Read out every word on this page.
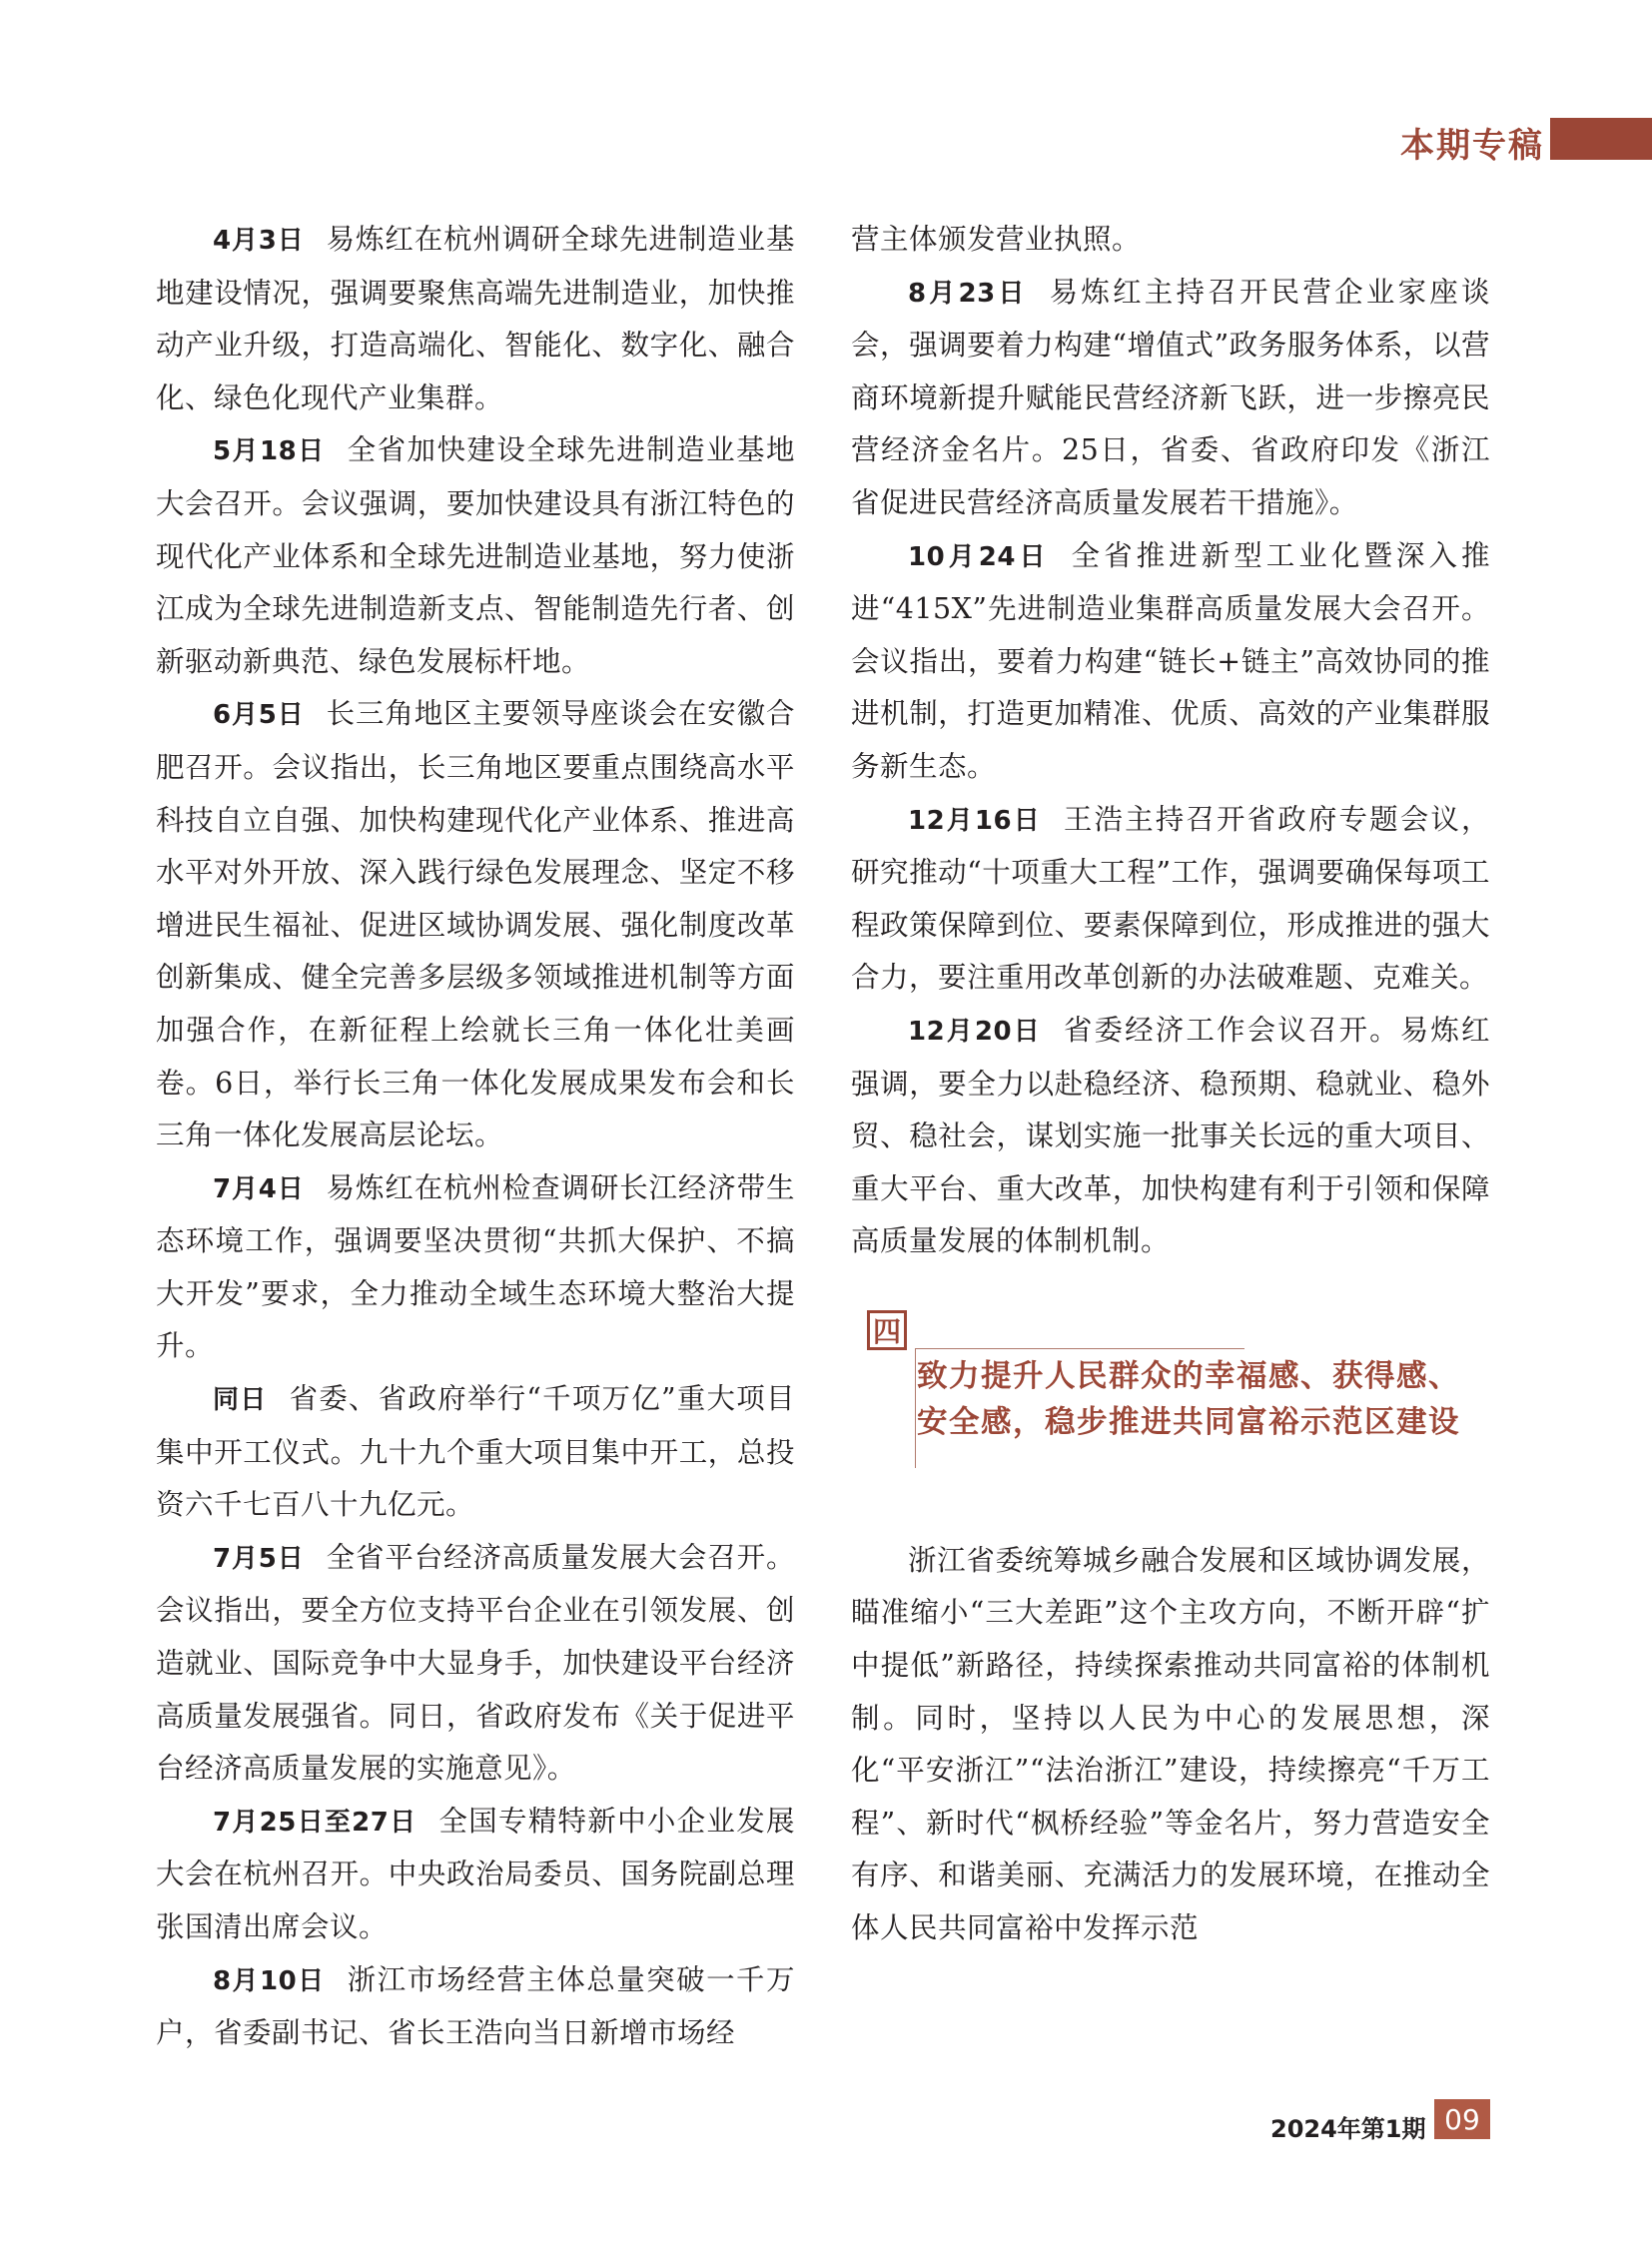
本期专稿

4月3日 易炼红在杭州调研全球先进制造业基地建设情况，强调要聚焦高端先进制造业，加快推动产业升级，打造高端化、智能化、数字化、融合化、绿色化现代产业集群。

5月18日 全省加快建设全球先进制造业基地大会召开。会议强调，要加快建设具有浙江特色的现代化产业体系和全球先进制造业基地，努力使浙江成为全球先进制造新支点、智能制造先行者、创新驱动新典范、绿色发展标杆地。

6月5日 长三角地区主要领导座谈会在安徽合肥召开。会议指出，长三角地区要重点围绕高水平科技自立自强、加快构建现代化产业体系、推进高水平对外开放、深入践行绿色发展理念、坚定不移增进民生福祉、促进区域协调发展、强化制度改革创新集成、健全完善多层级多领域推进机制等方面加强合作，在新征程上绘就长三角一体化壮美画卷。6日，举行长三角一体化发展成果发布会和长三角一体化发展高层论坛。

7月4日 易炼红在杭州检查调研长江经济带生态环境工作，强调要坚决贯彻“共抓大保护、不搞大开发”要求，全力推动全域生态环境大整治大提升。

同日 省委、省政府举行“千项万亿”重大项目集中开工仪式。九十九个重大项目集中开工，总投资六千七百八十九亿元。

7月5日 全省平台经济高质量发展大会召开。会议指出，要全方位支持平台企业在引领发展、创造就业、国际竞争中大显身手，加快建设平台经济高质量发展强省。同日，省政府发布《关于促进平台经济高质量发展的实施意见》。

7月25日至27日 全国专精特新中小企业发展大会在杭州召开。中央政治局委员、国务院副总理张国清出席会议。

8月10日 浙江市场经营主体总量突破一千万户，省委副书记、省长王浩向当日新增市场经

营主体颁发营业执照。

8月23日 易炼红主持召开民营企业家座谈会，强调要着力构建“增值式”政务服务体系，以营商环境新提升赋能民营经济新飞跃，进一步擦亮民营经济金名片。25日，省委、省政府印发《浙江省促进民营经济高质量发展若干措施》。

10月24日 全省推进新型工业化暨深入推进“415X”先进制造业集群高质量发展大会召开。会议指出，要着力构建“链长+链主”高效协同的推进机制，打造更加精准、优质、高效的产业集群服务新生态。

12月16日 王浩主持召开省政府专题会议，研究推动“十项重大工程”工作，强调要确保每项工程政策保障到位、要素保障到位，形成推进的强大合力，要注重用改革创新的办法破难题、克难关。

12月20日 省委经济工作会议召开。易炼红强调，要全力以赴稳经济、稳预期、稳就业、稳外贸、稳社会，谋划实施一批事关长远的重大项目、重大平台、重大改革，加快构建有利于引领和保障高质量发展的体制机制。

四

致力提升人民群众的幸福感、获得感、安全感，稳步推进共同富裕示范区建设

浙江省委统筹城乡融合发展和区域协调发展，瞄准缩小“三大差距”这个主攻方向，不断开辟“扩中提低”新路径，持续探索推动共同富裕的体制机制。同时，坚持以人民为中心的发展思想，深化“平安浙江”“法治浙江”建设，持续擦亮“千万工程”、新时代“枫桥经验”等金名片，努力营造安全有序、和谐美丽、充满活力的发展环境，在推动全体人民共同富裕中发挥示范

2024年第1期 09
